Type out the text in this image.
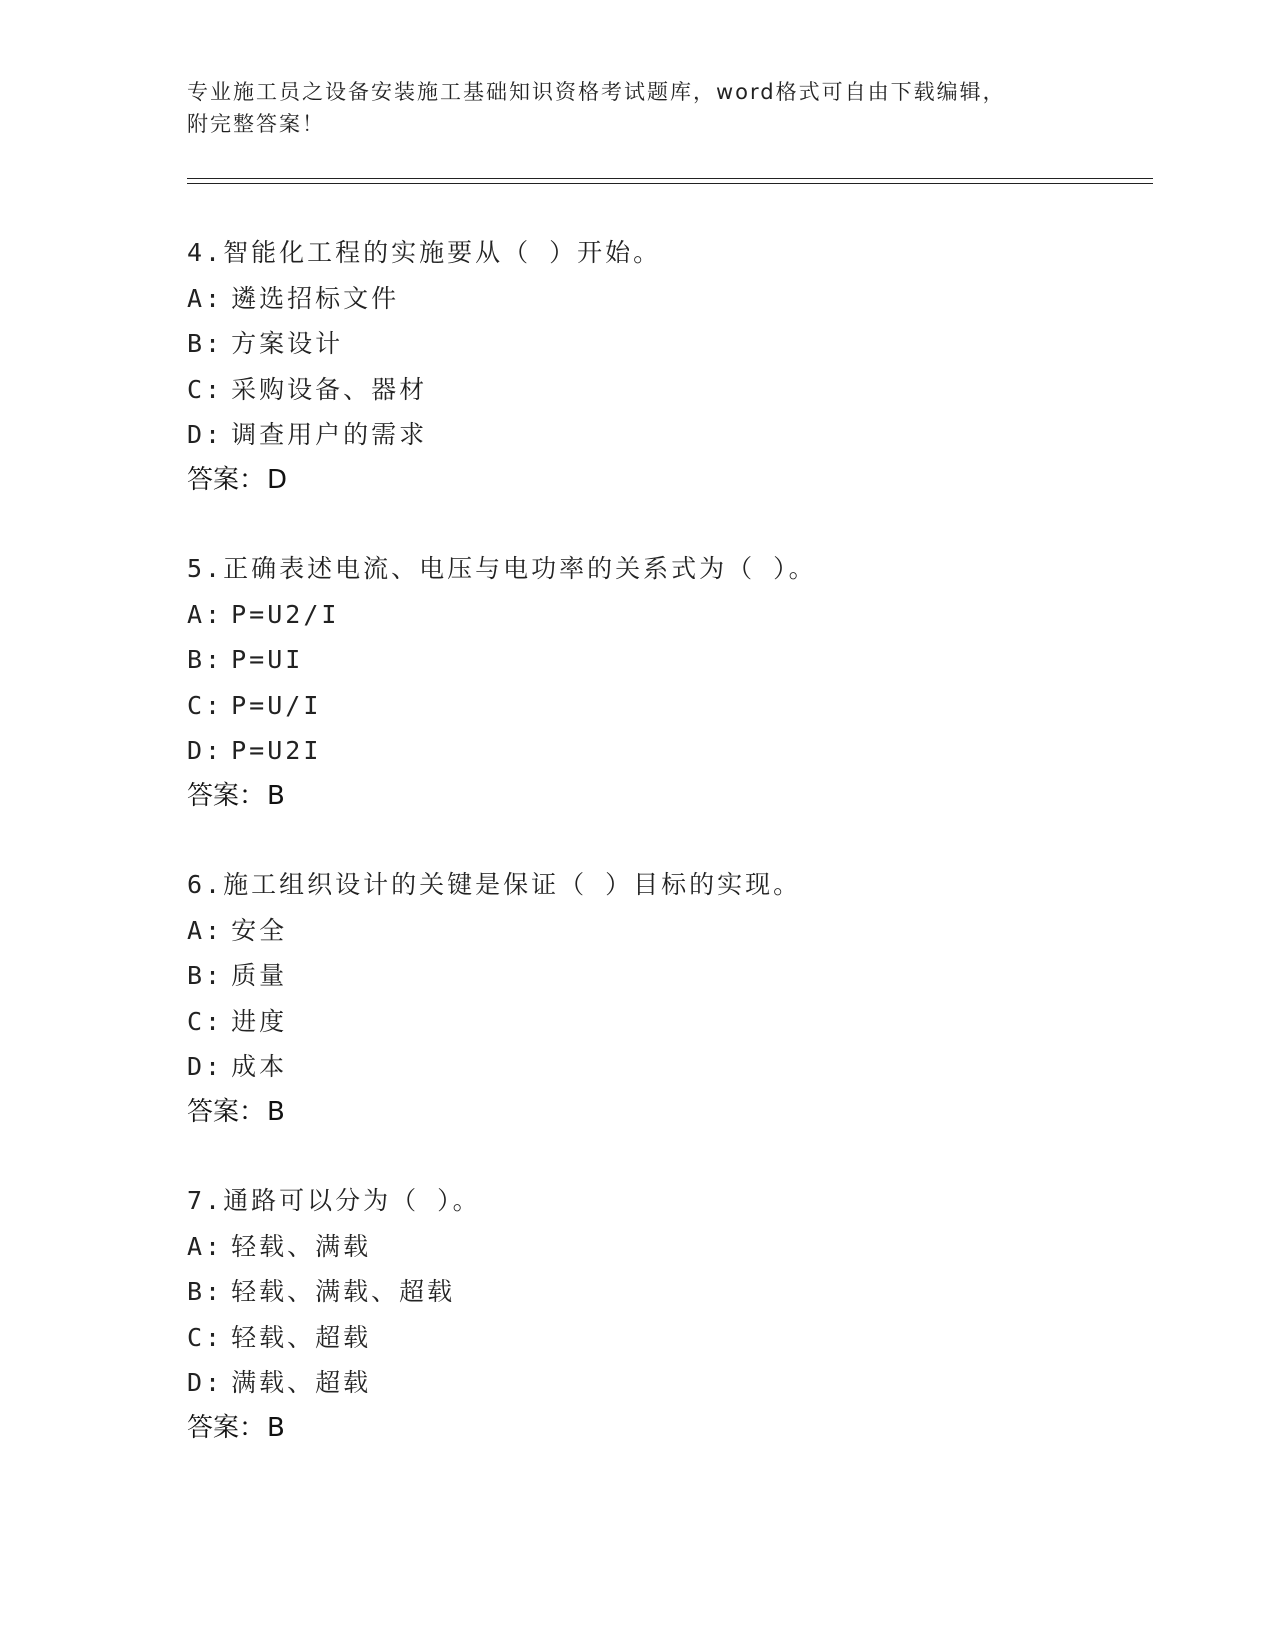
专业施工员之设备安装施工基础知识资格考试题库，word格式可自由下载编辑，
附完整答案！
4.智能化工程的实施要从（ ）开始。
A: 遴选招标文件
B: 方案设计
C: 采购设备、器材
D: 调查用户的需求
答案：D
5.正确表述电流、电压与电功率的关系式为（ ）。
A: P=U2/I
B: P=UI
C: P=U/I
D: P=U2I
答案：B
6.施工组织设计的关键是保证（ ）目标的实现。
A: 安全
B: 质量
C: 进度
D: 成本
答案：B
7.通路可以分为（ ）。
A: 轻载、满载
B: 轻载、满载、超载
C: 轻载、超载
D: 满载、超载
答案：B
